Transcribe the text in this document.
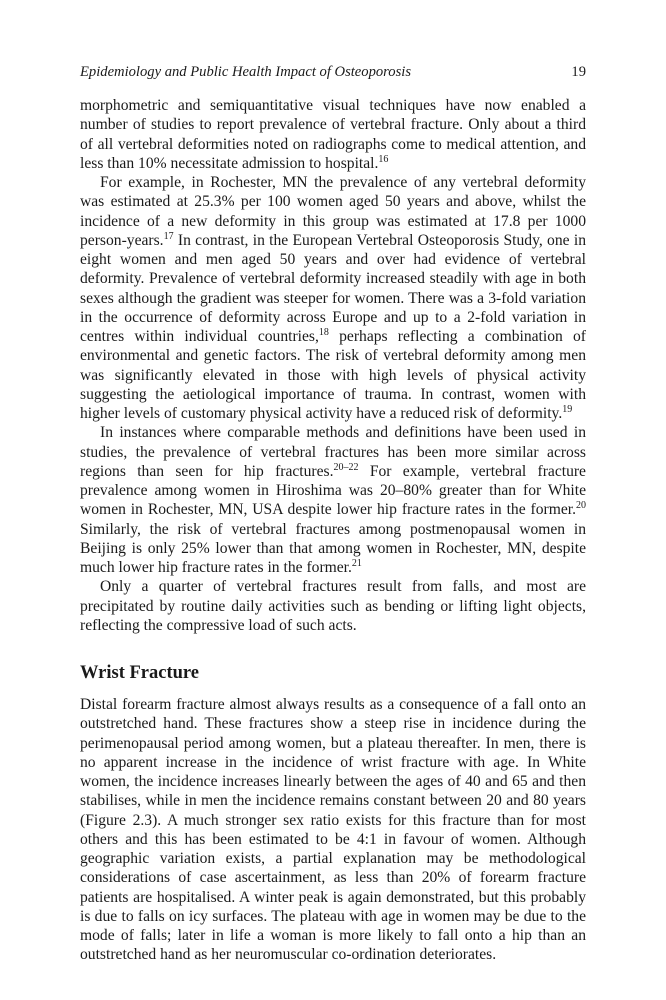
Epidemiology and Public Health Impact of Osteoporosis	19

morphometric and semiquantitative visual techniques have now enabled a number of studies to report prevalence of vertebral fracture. Only about a third of all vertebral deformities noted on radiographs come to medical attention, and less than 10% necessitate admission to hospital.$^{16}$

For example, in Rochester, MN the prevalence of any vertebral deformity was estimated at 25.3% per 100 women aged 50 years and above, whilst the incidence of a new deformity in this group was estimated at 17.8 per 1000 person-years.$^{17}$ In contrast, in the European Vertebral Osteoporosis Study, one in eight women and men aged 50 years and over had evidence of vertebral deformity. Prevalence of vertebral deformity increased steadily with age in both sexes although the gradient was steeper for women. There was a 3-fold variation in the occurrence of deformity across Europe and up to a 2-fold variation in centres within individual countries,$^{18}$ perhaps reflecting a combination of environmental and genetic factors. The risk of vertebral deformity among men was significantly elevated in those with high levels of physical activity suggesting the aetiological importance of trauma. In contrast, women with higher levels of customary physical activity have a reduced risk of deformity.$^{19}$

In instances where comparable methods and definitions have been used in studies, the prevalence of vertebral fractures has been more similar across regions than seen for hip fractures.$^{20-22}$ For example, vertebral fracture prevalence among women in Hiroshima was 20–80% greater than for White women in Rochester, MN, USA despite lower hip fracture rates in the former.$^{20}$ Similarly, the risk of vertebral fractures among postmenopausal women in Beijing is only 25% lower than that among women in Rochester, MN, despite much lower hip fracture rates in the former.$^{21}$

Only a quarter of vertebral fractures result from falls, and most are precipitated by routine daily activities such as bending or lifting light objects, reflecting the compressive load of such acts.

Wrist Fracture

Distal forearm fracture almost always results as a consequence of a fall onto an outstretched hand. These fractures show a steep rise in incidence during the perimenopausal period among women, but a plateau thereafter. In men, there is no apparent increase in the incidence of wrist fracture with age. In White women, the incidence increases linearly between the ages of 40 and 65 and then stabilises, while in men the incidence remains constant between 20 and 80 years (Figure 2.3). A much stronger sex ratio exists for this fracture than for most others and this has been estimated to be 4:1 in favour of women. Although geographic variation exists, a partial explanation may be methodological considerations of case ascertainment, as less than 20% of forearm fracture patients are hospitalised. A winter peak is again demonstrated, but this probably is due to falls on icy surfaces. The plateau with age in women may be due to the mode of falls; later in life a woman is more likely to fall onto a hip than an outstretched hand as her neuromuscular co-ordination deteriorates.
